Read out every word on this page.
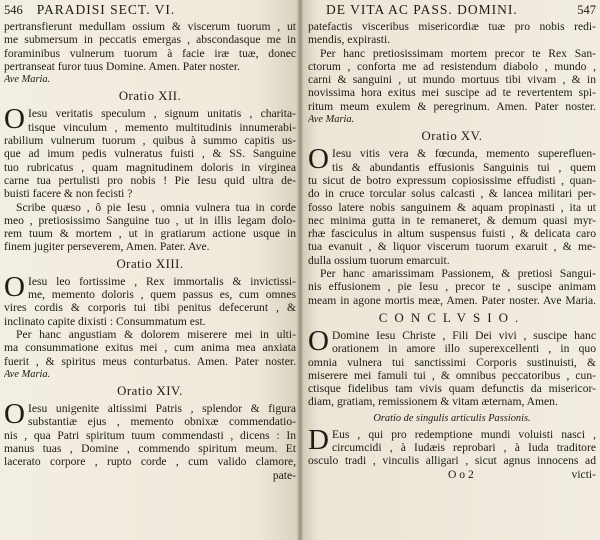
546 PARADISI SECT. VI.
pertransfierunt medullam ossium & viscerum tuorum , ut
me submersum in peccatis emergas , abscondasque me in
foraminibus vulnerum tuorum à facie iræ tuæ, donec
pertranseat furor tuus Domine. Amen. Pater noster.
Ave Maria.
Oratio XII.
O Iesu veritatis speculum , signum unitatis , charita-
tisque vinculum , memento multitudinis innumerabi-
rabilium vulnerum tuorum , quibus à summo capitis us-
que ad imum pedis vulneratus fuisti , & SS. Sanguine
tuo rubricatus , quam magnitudinem doloris in virginea
carne tua pertulisti pro nobis ! Pie Iesu quid ultra de-
buisti facere & non fecisti ?
Scribe quæso , ô pie Iesu , omnia vulnera tua in corde
meo , pretiosissimo Sanguine tuo , ut in illis legam dolo-
rem tuum & mortem , ut in gratiarum actione usque in
finem jugiter perseverem, Amen. Pater. Ave.
Oratio XIII.
O Iesu leo fortissime , Rex immortalis & invictissi-
me, memento doloris , quem passus es, cum omnes
vires cordis & corporis tui tibi penitus defecerunt , &
inclinato capite dixisti : Consummatum est.
Per hanc angustiam & dolorem miserere mei in ulti-
ma consummatione exitus mei , cum anima mea anxiata
fuerit , & spiritus meus conturbatus. Amen. Pater noster.
Ave Maria.
Oratio XIV.
O Iesu unigenite altissimi Patris , splendor & figura
substantiæ ejus , memento obnixæ commendatio-
nis , qua Patri spiritum tuum commendasti , dicens : In
manus tuas , Domine , commendo spiritum meum. Et
lacerato corpore , rupto corde , cum valido clamore,
pate-
DE VITA AC PASS. DOMINI.	547
patefactis visceribus misericordiæ tuæ pro nobis redi-
mendis, expirasti.
Per hanc pretiosissimam mortem precor te Rex San-
ctorum , conforta me ad resistendum diabolo , mundo ,
carni & sanguini , ut mundo mortuus tibi vivam , & in
novissima hora exitus mei suscipe ad te revertentem spi-
ritum meum exulem & peregrinum. Amen. Pater noster.
Ave Maria.
Oratio XV.
O Iesu vitis vera & fœcunda, memento superefluen-
tis & abundantis effusionis Sanguinis tui , quem
tu sicut de botro expressum copiosissime effudisti , quan-
do in cruce torcular solus calcasti , & lancea militari per-
fosso latere nobis sanguinem & aquam propinasti , ita ut
nec minima gutta in te remaneret, & demum quasi myr-
rhæ fasciculus in altum suspensus fuisti , & delicata caro
tua evanuit , & liquor viscerum tuorum exaruit , & me-
dulla ossium tuorum emarcuit.
Per hanc amarissimam Passionem, & pretiosi Sangui-
nis effusionem , pie Iesu , precor te , suscipe animam
meam in agone mortis meæ, Amen. Pater noster. Ave Maria.
CONCLVSIO.
O Domine Iesu Christe , Fili Dei vivi , suscipe hanc
orationem in amore illo superexcellenti , in quo
omnia vulnera tui sanctissimi Corporis sustinuisti, &
miserere mei famuli tui , & omnibus peccatoribus , cun-
ctisque fidelibus tam vivis quam defunctis da misericor-
diam, gratiam, remissionem & vitam æternam, Amen.
Oratio de singulis articulis Passionis.
D Eus , qui pro redemptione mundi voluisti nasci ,
circumcidi , à Iudæis reprobari , à Iuda traditore
osculo tradi , vinculis alligari , sicut agnus innocens ad
O o 2	victi-
